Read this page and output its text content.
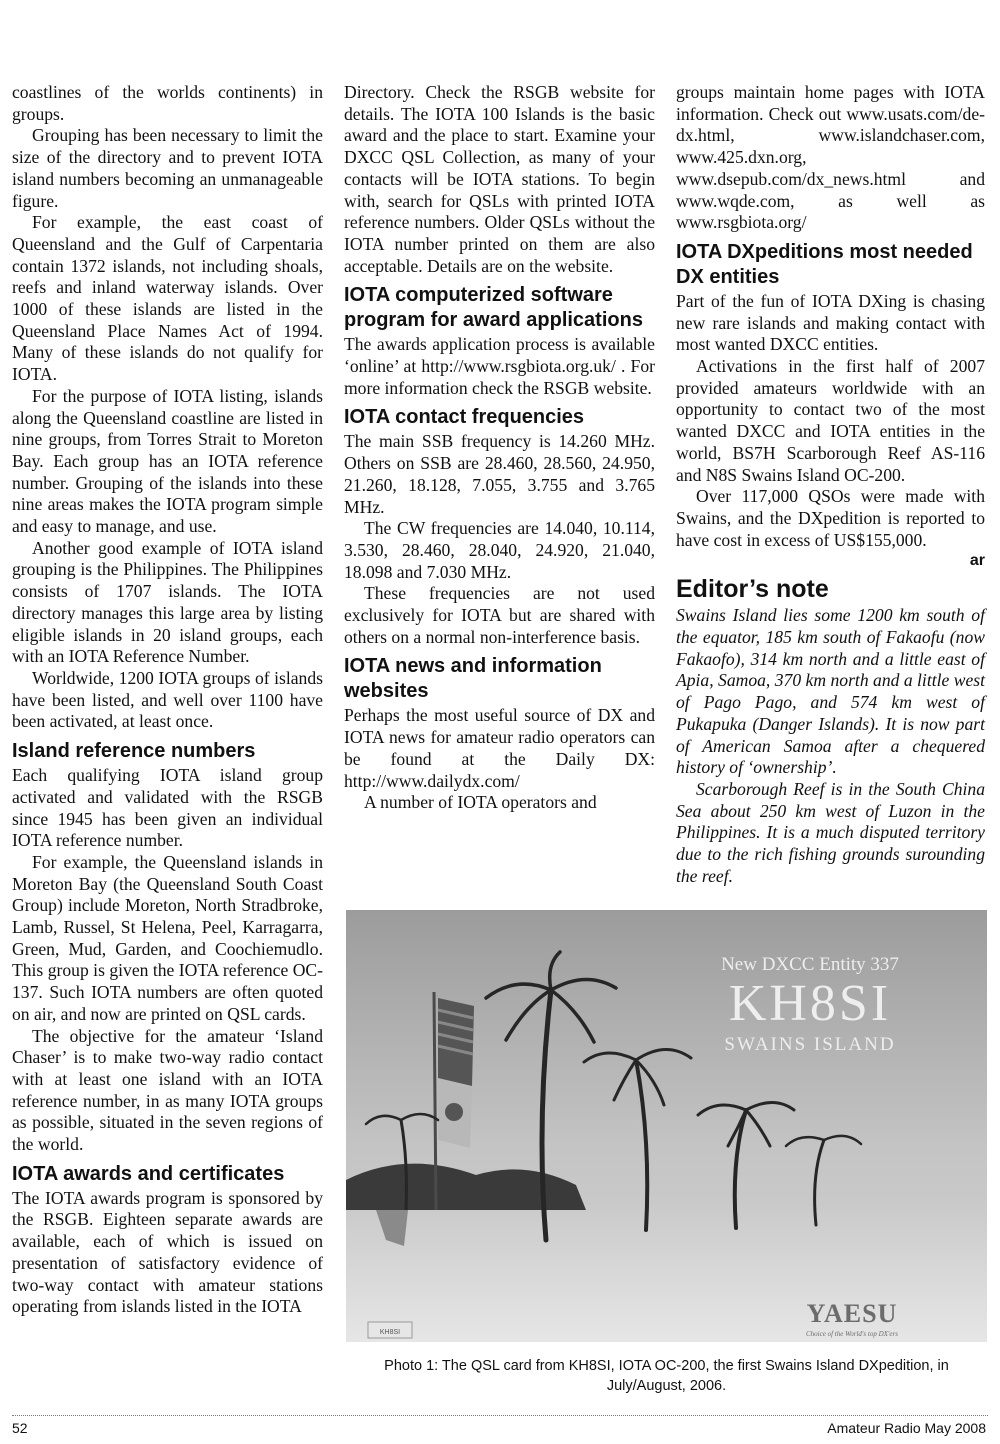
coastlines of the worlds continents) in groups.

Grouping has been necessary to limit the size of the directory and to prevent IOTA island numbers becoming an unmanageable figure.

For example, the east coast of Queensland and the Gulf of Carpentaria contain 1372 islands, not including shoals, reefs and inland waterway islands. Over 1000 of these islands are listed in the Queensland Place Names Act of 1994. Many of these islands do not qualify for IOTA.

For the purpose of IOTA listing, islands along the Queensland coastline are listed in nine groups, from Torres Strait to Moreton Bay. Each group has an IOTA reference number. Grouping of the islands into these nine areas makes the IOTA program simple and easy to manage, and use.

Another good example of IOTA island grouping is the Philippines. The Philippines consists of 1707 islands. The IOTA directory manages this large area by listing eligible islands in 20 island groups, each with an IOTA Reference Number.

Worldwide, 1200 IOTA groups of islands have been listed, and well over 1100 have been activated, at least once.

Island reference numbers

Each qualifying IOTA island group activated and validated with the RSGB since 1945 has been given an individual IOTA reference number.

For example, the Queensland islands in Moreton Bay (the Queensland South Coast Group) include Moreton, North Stradbroke, Lamb, Russel, St Helena, Peel, Karragarra, Green, Mud, Garden, and Coochiemudlo. This group is given the IOTA reference OC-137. Such IOTA numbers are often quoted on air, and now are printed on QSL cards.

The objective for the amateur ‘Island Chaser’ is to make two-way radio contact with at least one island with an IOTA reference number, in as many IOTA groups as possible, situated in the seven regions of the world.

IOTA awards and certificates

The IOTA awards program is sponsored by the RSGB. Eighteen separate awards are available, each of which is issued on presentation of satisfactory evidence of two-way contact with amateur stations operating from islands listed in the IOTA

Directory. Check the RSGB website for details. The IOTA 100 Islands is the basic award and the place to start. Examine your DXCC QSL Collection, as many of your contacts will be IOTA stations. To begin with, search for QSLs with printed IOTA reference numbers. Older QSLs without the IOTA number printed on them are also acceptable. Details are on the website.

IOTA computerized software program for award applications

The awards application process is available ‘online’ at http://www.rsgbiota.org.uk/ . For more information check the RSGB website.

IOTA contact frequencies

The main SSB frequency is 14.260 MHz. Others on SSB are 28.460, 28.560, 24.950, 21.260, 18.128, 7.055, 3.755 and 3.765 MHz.

The CW frequencies are 14.040, 10.114, 3.530, 28.460, 28.040, 24.920, 21.040, 18.098 and 7.030 MHz.

These frequencies are not used exclusively for IOTA but are shared with others on a normal non-interference basis.

IOTA news and information websites

Perhaps the most useful source of DX and IOTA news for amateur radio operators can be found at the Daily DX: http://www.dailydx.com/

A number of IOTA operators and

groups maintain home pages with IOTA information. Check out www.usats.com/de-dx.html, www.islandchaser.com, www.425.dxn.org, www.dsepub.com/dx_news.html and www.wqde.com, as well as www.rsgbiota.org/

IOTA DXpeditions most needed DX entities

Part of the fun of IOTA DXing is chasing new rare islands and making contact with most wanted DXCC entities.

Activations in the first half of 2007 provided amateurs worldwide with an opportunity to contact two of the most wanted DXCC and IOTA entities in the world, BS7H Scarborough Reef AS-116 and N8S Swains Island OC-200.

Over 117,000 QSOs were made with Swains, and the DXpedition is reported to have cost in excess of US$155,000.

ar
Editor’s note

Swains Island lies some 1200 km south of the equator, 185 km south of Fakaofu (now Fakaofo), 314 km north and a little east of Apia, Samoa, 370 km north and a little west of Pago Pago, and 574 km west of Pukapuka (Danger Islands). It is now part of American Samoa after a chequered history of ‘ownership’.

Scarborough Reef is in the South China Sea about 250 km west of Luzon in the Philippines. It is a much disputed territory due to the rich fishing grounds surounding the reef.

New DXCC Entity 337
KH8SI
SWAINS ISLAND
YAESU
Choice of the World's top DX'ers
KH8SI
Photo 1: The QSL card from KH8SI, IOTA OC-200, the first Swains Island DXpedition, in July/August, 2006.
52	Amateur Radio May 2008
